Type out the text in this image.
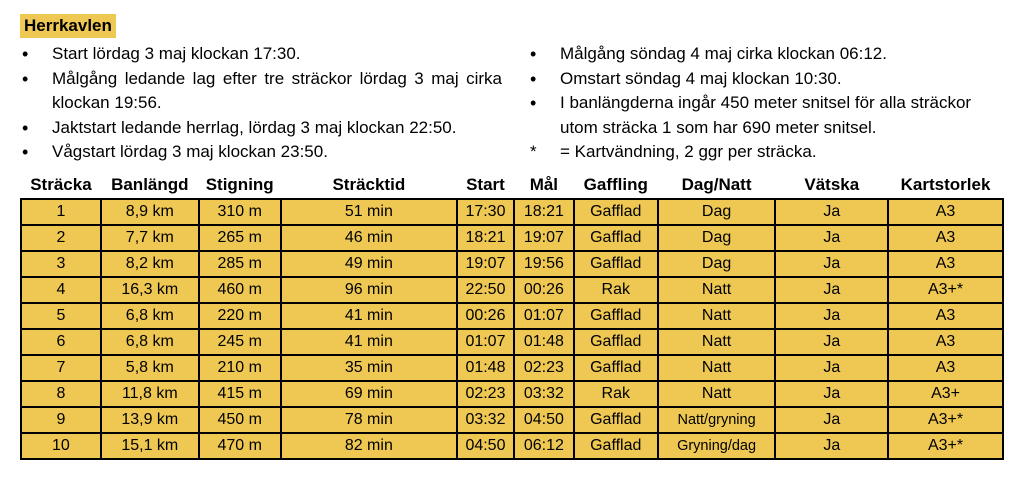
Herrkavlen
•
Start lördag 3 maj klockan 17:30.
•
Målgång ledande lag efter tre sträckor lördag 3 maj cirka klockan 19:56.
•
Jaktstart ledande herrlag, lördag 3 maj klockan 22:50.
•
Vågstart lördag 3 maj klockan 23:50.
•
Målgång söndag 4 maj cirka klockan 06:12.
•
Omstart söndag 4 maj klockan 10:30.
•
I banlängderna ingår 450 meter snitsel för alla sträckor utom sträcka 1 som har 690 meter snitsel.
*	= Kartvändning, 2 ggr per sträcka.
Sträcka	Banlängd	Stigning	Sträcktid	Start	Mål	Gaffling	Dag/Natt	Vätska	Kartstorlek
1	8,9 km	310 m	51 min	17:30	18:21	Gafflad	Dag	Ja	A3
2	7,7 km	265 m	46 min	18:21	19:07	Gafflad	Dag	Ja	A3
3	8,2 km	285 m	49 min	19:07	19:56	Gafflad	Dag	Ja	A3
4	16,3 km	460 m	96 min	22:50	00:26	Rak	Natt	Ja	A3+*
5	6,8 km	220 m	41 min	00:26	01:07	Gafflad	Natt	Ja	A3
6	6,8 km	245 m	41 min	01:07	01:48	Gafflad	Natt	Ja	A3
7	5,8 km	210 m	35 min	01:48	02:23	Gafflad	Natt	Ja	A3
8	11,8 km	415 m	69 min	02:23	03:32	Rak	Natt	Ja	A3+
9	13,9 km	450 m	78 min	03:32	04:50	Gafflad	Natt/gryning	Ja	A3+*
10	15,1 km	470 m	82 min	04:50	06:12	Gafflad	Gryning/dag	Ja	A3+*
